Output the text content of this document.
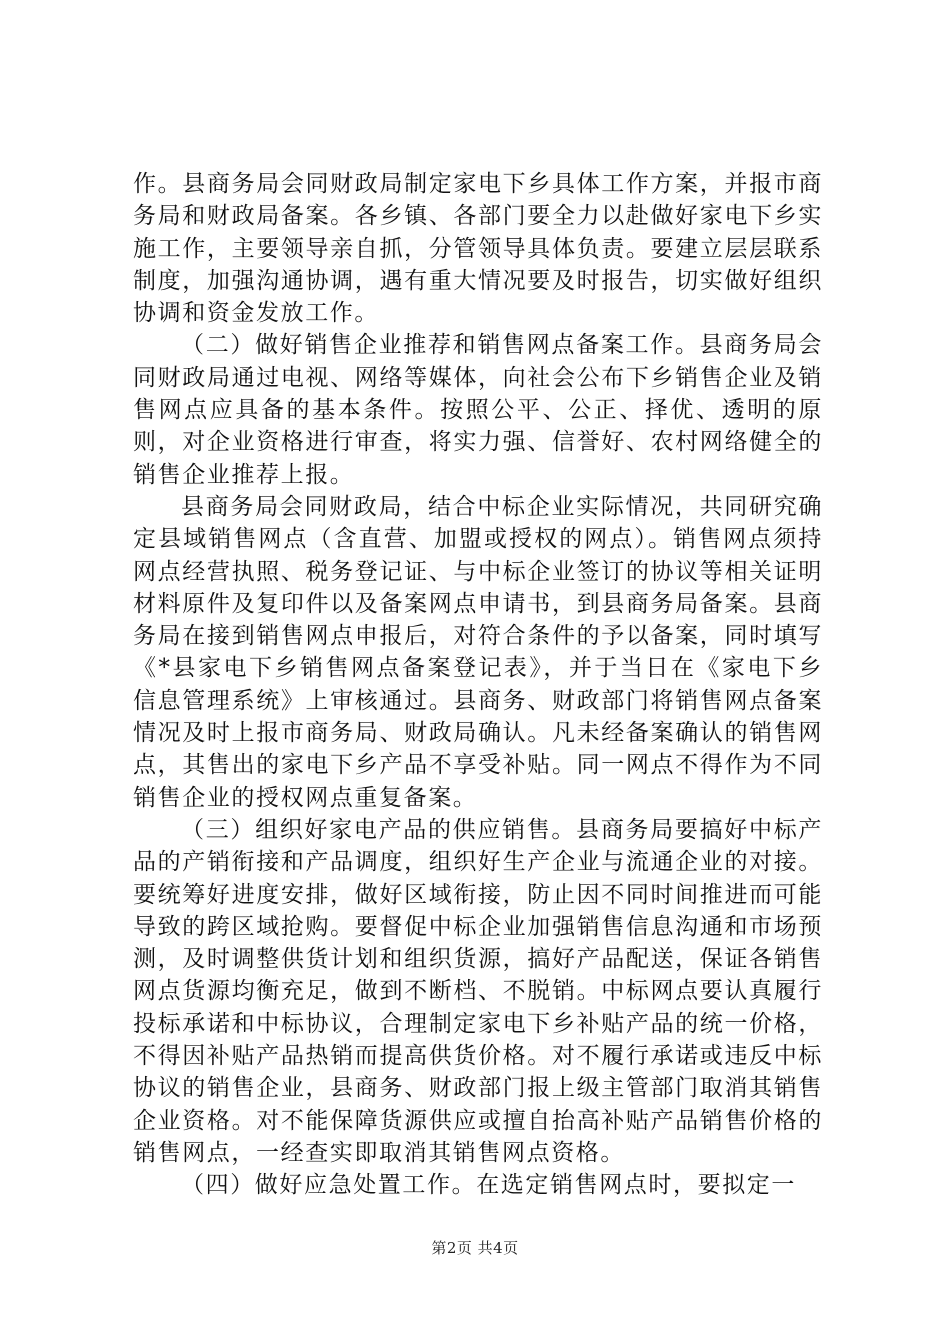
作。县商务局会同财政局制定家电下乡具体工作方案，并报市商务局和财政局备案。各乡镇、各部门要全力以赴做好家电下乡实施工作，主要领导亲自抓，分管领导具体负责。要建立层层联系制度，加强沟通协调，遇有重大情况要及时报告，切实做好组织协调和资金发放工作。

（二）做好销售企业推荐和销售网点备案工作。县商务局会同财政局通过电视、网络等媒体，向社会公布下乡销售企业及销售网点应具备的基本条件。按照公平、公正、择优、透明的原则，对企业资格进行审查，将实力强、信誉好、农村网络健全的销售企业推荐上报。

县商务局会同财政局，结合中标企业实际情况，共同研究确定县域销售网点（含直营、加盟或授权的网点）。销售网点须持网点经营执照、税务登记证、与中标企业签订的协议等相关证明材料原件及复印件以及备案网点申请书，到县商务局备案。县商务局在接到销售网点申报后，对符合条件的予以备案，同时填写《*县家电下乡销售网点备案登记表》，并于当日在《家电下乡信息管理系统》上审核通过。县商务、财政部门将销售网点备案情况及时上报市商务局、财政局确认。凡未经备案确认的销售网点，其售出的家电下乡产品不享受补贴。同一网点不得作为不同销售企业的授权网点重复备案。

（三）组织好家电产品的供应销售。县商务局要搞好中标产品的产销衔接和产品调度，组织好生产企业与流通企业的对接。要统筹好进度安排，做好区域衔接，防止因不同时间推进而可能导致的跨区域抢购。要督促中标企业加强销售信息沟通和市场预测，及时调整供货计划和组织货源，搞好产品配送，保证各销售网点货源均衡充足，做到不断档、不脱销。中标网点要认真履行投标承诺和中标协议，合理制定家电下乡补贴产品的统一价格，不得因补贴产品热销而提高供货价格。对不履行承诺或违反中标协议的销售企业，县商务、财政部门报上级主管部门取消其销售企业资格。对不能保障货源供应或擅自抬高补贴产品销售价格的销售网点，一经查实即取消其销售网点资格。

（四）做好应急处置工作。在选定销售网点时，要拟定一

第2页 共4页
